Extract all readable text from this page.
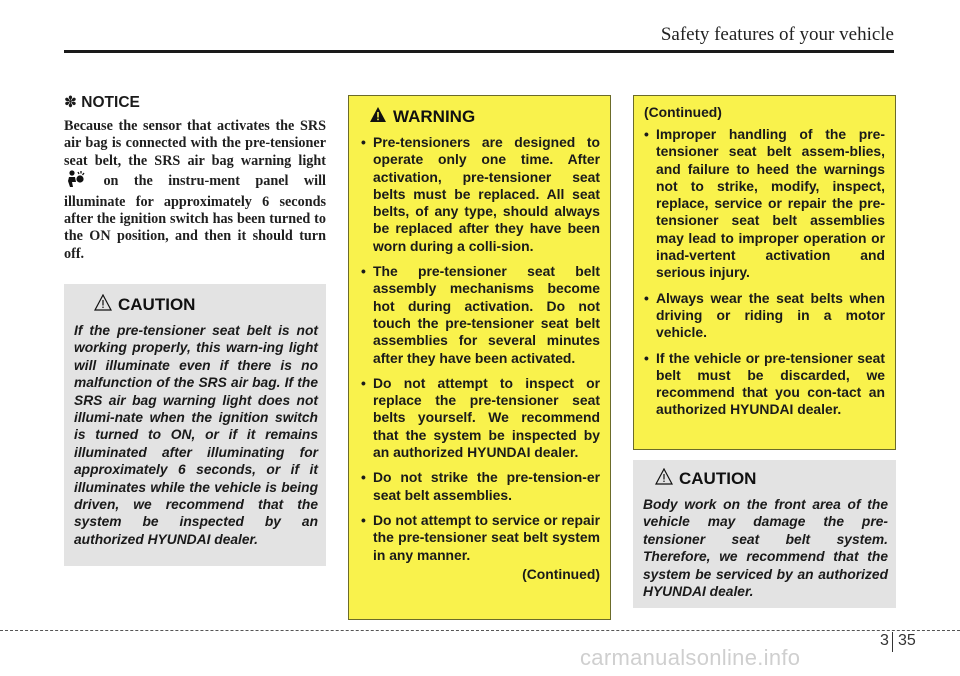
Safety features of your vehicle
✽ NOTICE
Because the sensor that activates the SRS air bag is connected with the pre-tensioner seat belt, the SRS air bag warning light  on the instru-ment panel will illuminate for approximately 6 seconds after the ignition switch has been turned to the ON position, and then it should turn off.
CAUTION
If the pre-tensioner seat belt is not working properly, this warn-ing light will illuminate even if there is no malfunction of the SRS air bag. If the SRS air bag warning light does not illumi-nate when the ignition switch is turned to ON, or if it remains illuminated after illuminating for approximately 6 seconds, or if it illuminates while the vehicle is being driven, we recommend that the system be inspected by an authorized HYUNDAI dealer.
WARNING
• Pre-tensioners are designed to operate only one time. After activation, pre-tensioner seat belts must be replaced. All seat belts, of any type, should always be replaced after they have been worn during a colli-sion.
• The pre-tensioner seat belt assembly mechanisms become hot during activation. Do not touch the pre-tensioner seat belt assemblies for several minutes after they have been activated.
• Do not attempt to inspect or replace the pre-tensioner seat belts yourself. We recommend that the system be inspected by an authorized HYUNDAI dealer.
• Do not strike the pre-tension-er seat belt assemblies.
• Do not attempt to service or repair the pre-tensioner seat belt system in any manner.
(Continued)
(Continued)
• Improper handling of the pre-tensioner seat belt assem-blies, and failure to heed the warnings not to strike, modify, inspect, replace, service or repair the pre-tensioner seat belt assemblies may lead to improper operation or inad-vertent activation and serious injury.
• Always wear the seat belts when driving or riding in a motor vehicle.
• If the vehicle or pre-tensioner seat belt must be discarded, we recommend that you con-tact an authorized HYUNDAI dealer.
CAUTION
Body work on the front area of the vehicle may damage the pre-tensioner seat belt system. Therefore, we recommend that the system be serviced by an authorized HYUNDAI dealer.
3 35
carmanualsonline.info
